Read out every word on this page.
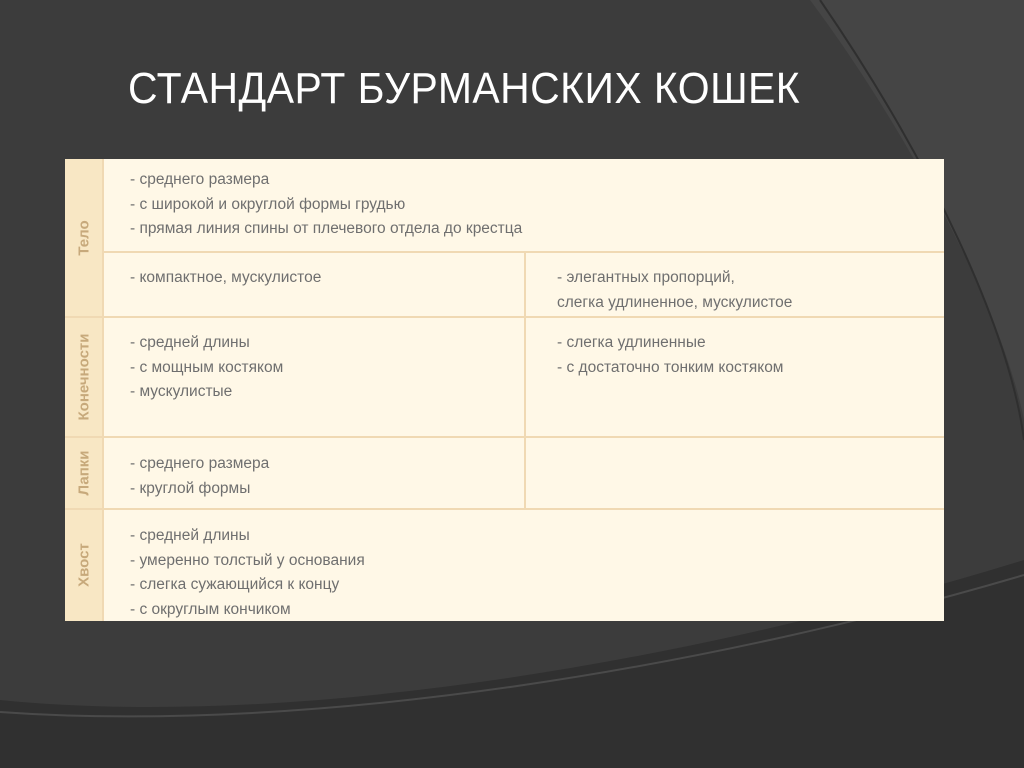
СТАНДАРТ БУРМАНСКИХ КОШЕК
Тело
Конечности
Лапки
Хвост
- среднего размера
- с широкой и округлой формы грудью
- прямая линия спины от плечевого отдела до крестца
- компактное, мускулистое	- элегантных пропорций,
слегка удлиненное, мускулистое
- средней длины
- с мощным костяком
- мускулистые
- слегка удлиненные
- с достаточно тонким костяком
- среднего размера
- круглой формы
- средней длины
- умеренно толстый у основания
- слегка сужающийся к концу
- с округлым кончиком
